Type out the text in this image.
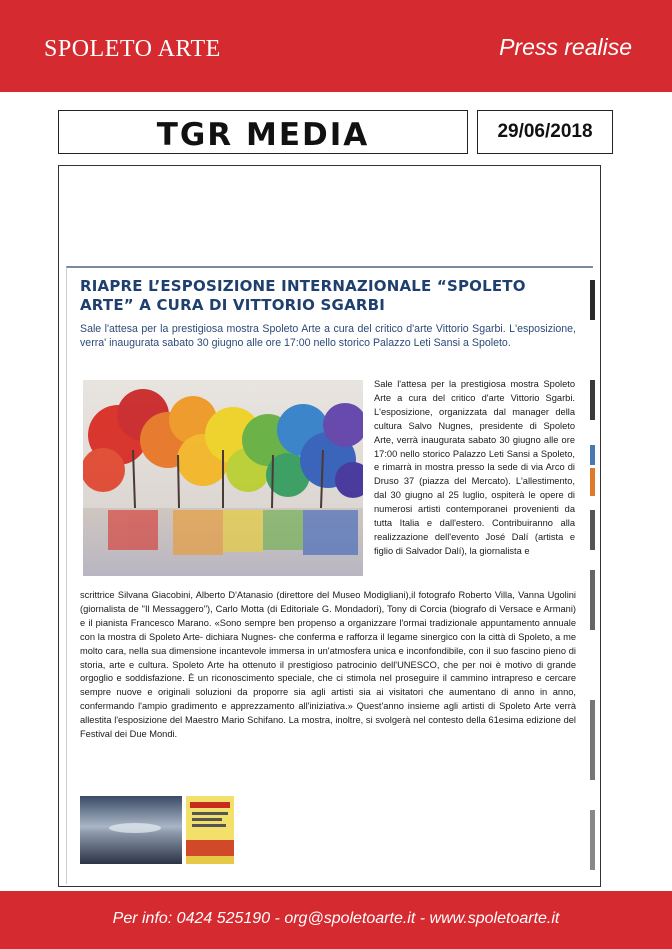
SPOLETO ARTE	Press realise
TGR MEDIA	29/06/2018
RIAPRE L’ESPOSIZIONE INTERNAZIONALE “SPOLETO ARTE” A CURA DI VITTORIO SGARBI
Sale l'attesa per la prestigiosa mostra Spoleto Arte a cura del critico d'arte Vittorio Sgarbi. L'esposizione, verra' inaugurata sabato 30 giugno alle ore 17:00 nello storico Palazzo Leti Sansi a Spoleto.
Sale l'attesa per la prestigiosa mostra Spoleto Arte a cura del critico d'arte Vittorio Sgarbi. L'esposizione, organizzata dal manager della cultura Salvo Nugnes, presidente di Spoleto Arte, verrà inaugurata sabato 30 giugno alle ore 17:00 nello storico Palazzo Leti Sansi a Spoleto, e rimarrà in mostra presso la sede di via Arco di Druso 37 (piazza del Mercato). L'allestimento, dal 30 giugno al 25 luglio, ospiterà le opere di numerosi artisti contemporanei provenienti da tutta Italia e dall'estero. Contribuiranno alla realizzazione dell'evento José Dalí (artista e figlio di Salvador Dalí), la giornalista e
scrittrice Silvana Giacobini, Alberto D'Atanasio (direttore del Museo Modigliani),il fotografo Roberto Villa, Vanna Ugolini (giornalista de "Il Messaggero"), Carlo Motta (di Editoriale G. Mondadori), Tony di Corcia (biografo di Versace e Armani) e il pianista Francesco Marano. «Sono sempre ben propenso a organizzare l'ormai tradizionale appuntamento annuale con la mostra di Spoleto Arte- dichiara Nugnes- che conferma e rafforza il legame sinergico con la città di Spoleto, a me molto cara, nella sua dimensione incantevole immersa in un'atmosfera unica e inconfondibile, con il suo fascino pieno di storia, arte e cultura. Spoleto Arte ha ottenuto il prestigioso patrocinio dell'UNESCO, che per noi è motivo di grande orgoglio e soddisfazione. È un riconoscimento speciale, che ci stimola nel proseguire il cammino intrapreso e cercare sempre nuove e originali soluzioni da proporre sia agli artisti sia ai visitatori che aumentano di anno in anno, confermando l'ampio gradimento e apprezzamento all'iniziativa.» Quest'anno insieme agli artisti di Spoleto Arte verrà allestita l'esposizione del Maestro Mario Schifano. La mostra, inoltre, si svolgerà nel contesto della 61esima edizione del Festival dei Due Mondi.
Per info: 0424 525190 - org@spoletoarte.it - www.spoletoarte.it
